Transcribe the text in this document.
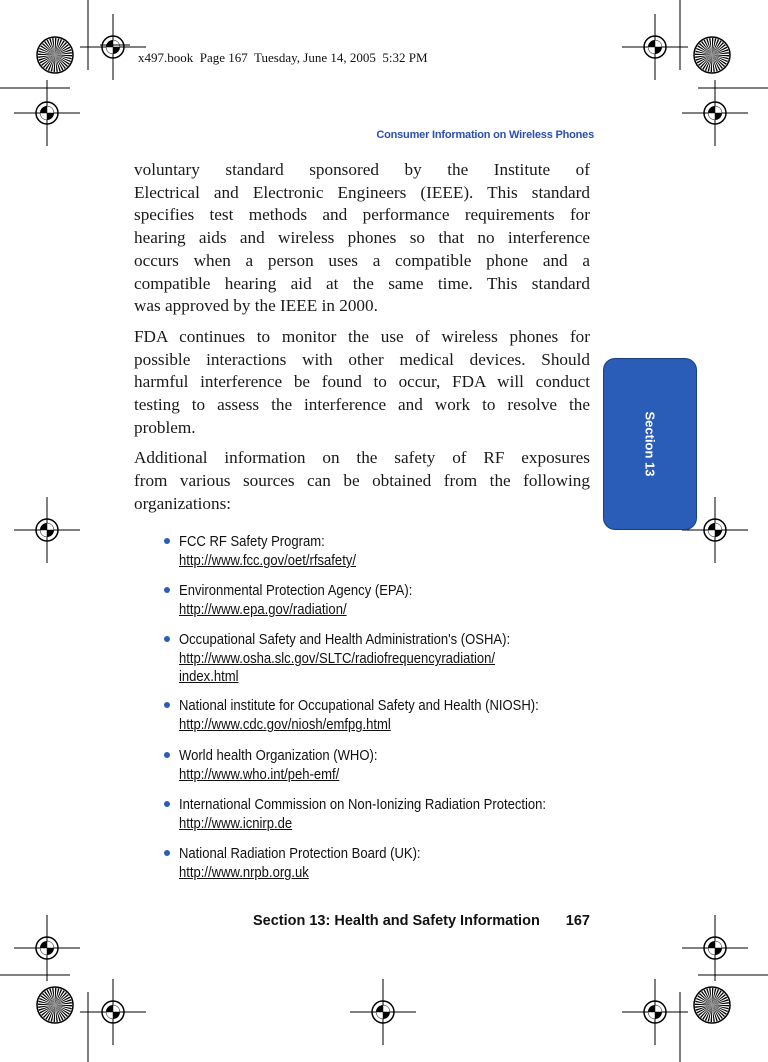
x497.book  Page 167  Tuesday, June 14, 2005  5:32 PM
Consumer Information on Wireless Phones
voluntary standard sponsored by the Institute of
Electrical and Electronic Engineers (IEEE). This standard
specifies test methods and performance requirements for
hearing aids and wireless phones so that no interference
occurs when a person uses a compatible phone and a
compatible hearing aid at the same time. This standard
was approved by the IEEE in 2000.
FDA continues to monitor the use of wireless phones for
possible interactions with other medical devices. Should
harmful interference be found to occur, FDA will conduct
testing to assess the interference and work to resolve the
problem.
Additional information on the safety of RF exposures
from various sources can be obtained from the following
organizations:
FCC RF Safety Program:
http://www.fcc.gov/oet/rfsafety/
Environmental Protection Agency (EPA):
http://www.epa.gov/radiation/
Occupational Safety and Health Administration's (OSHA):
http://www.osha.slc.gov/SLTC/radiofrequencyradiation/
index.html
National institute for Occupational Safety and Health (NIOSH):
http://www.cdc.gov/niosh/emfpg.html
World health Organization (WHO):
http://www.who.int/peh-emf/
International Commission on Non-Ionizing Radiation Protection:
http://www.icnirp.de
National Radiation Protection Board (UK):
http://www.nrpb.org.uk
Section 13
Section 13: Health and Safety Information 167
